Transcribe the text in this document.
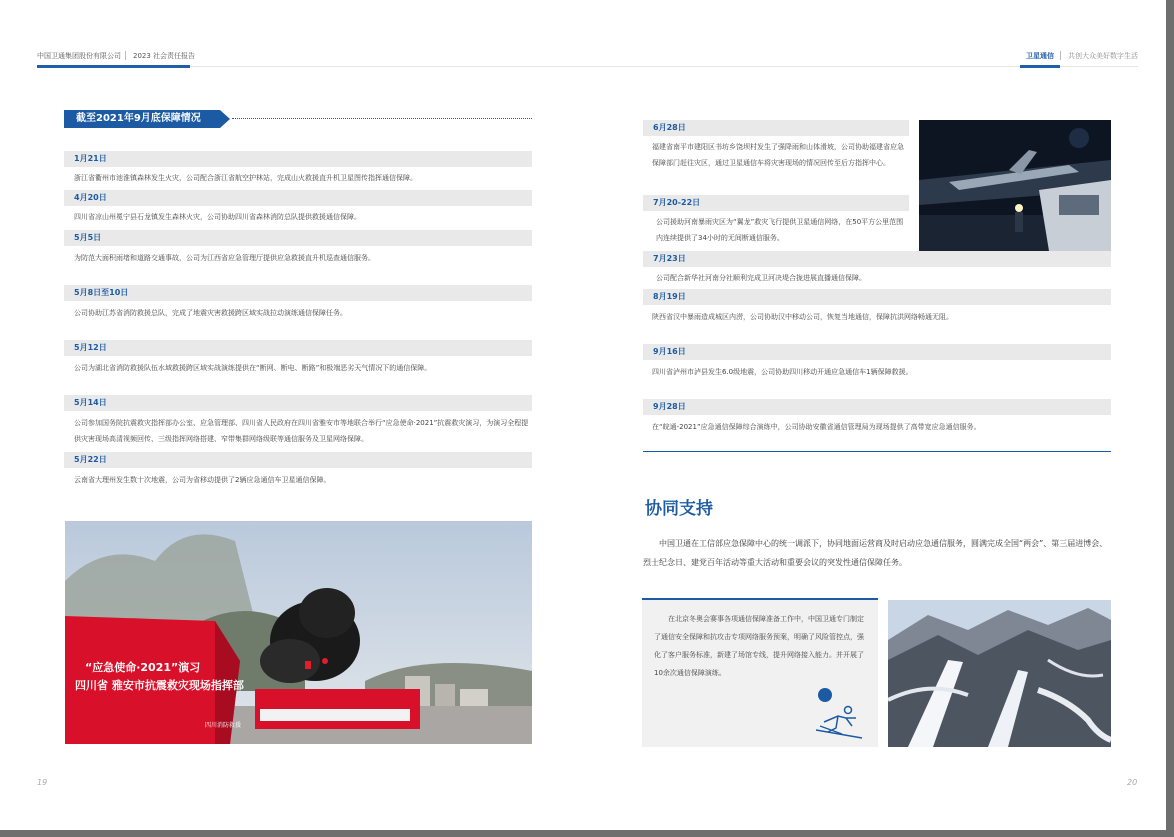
中国卫通集团股份有限公司 2023 社会责任报告	卫星通信 共创大众美好数字生活
截至2021年9月底保障情况
1月21日
浙江省衢州市池淮镇森林发生火灾，公司配合浙江省航空护林站，完成山火救援直升机卫星图传指挥通信保障。
4月20日
四川省凉山州冕宁县石龙镇发生森林火灾，公司协助四川省森林消防总队提供救援通信保障。
5月5日
为防范大面积雨堵和道路交通事故，公司为江西省应急管理厅提供应急救援直升机巡查通信服务。
5月8日至10日
公司协助江苏省消防救援总队，完成了地震灾害救援跨区域实战拉动演练通信保障任务。
5月12日
公司为湖北省消防救援队伍水域救援跨区域实战演练提供在“断网、断电、断路”和极端恶劣天气情况下的通信保障。
5月14日
公司参加国务院抗震救灾指挥部办公室、应急管理部、四川省人民政府在四川省雅安市等地联合举行“应急使命·2021”抗震救灾演习，为演习全程提供灾害现场高清视频回传、三级指挥网络搭建、窄带集群网络级联等通信服务及卫星网络保障。
5月22日
云南省大理州发生数十次地震，公司为省移动提供了2辆应急通信车卫星通信保障。
“应急使命·2021”演习
四川省 雅安市抗震救灾现场指挥部
四川消防救援
6月28日
福建省南平市建阳区书坊乡饶坝村发生了强降雨和山体滑坡，公司协助福建省应急保障部门赶往灾区，通过卫星通信车将灾害现场的情况回传至后方指挥中心。
7月20-22日
公司援助河南暴雨灾区为“翼龙”救灾飞行提供卫星通信网络，在50平方公里范围内连续提供了34小时的无间断通信服务。
7月23日
公司配合新华社河南分社顺利完成卫河决堤合拢进展直播通信保障。
8月19日
陕西省汉中暴雨造成城区内涝，公司协助汉中移动公司，恢复当地通信，保障抗洪网络畅通无阻。
9月16日
四川省泸州市泸县发生6.0级地震，公司协助四川移动开通应急通信车1辆保障救援。
9月28日
在“皖通-2021”应急通信保障综合演练中，公司协助安徽省通信管理局为现场提供了高带宽应急通信服务。
协同支持
中国卫通在工信部应急保障中心的统一调派下，协同地面运营商及时启动应急通信服务，圆满完成全国“两会”、第三届进博会、烈士纪念日、建党百年活动等重大活动和重要会议的突发性通信保障任务。
在北京冬奥会赛事各项通信保障准备工作中，中国卫通专门制定了通信安全保障和抗攻击专项网络服务预案，明确了风险管控点，强化了客户服务标准，新建了场馆专线，提升网络接入能力。并开展了10余次通信保障演练。
19	20
